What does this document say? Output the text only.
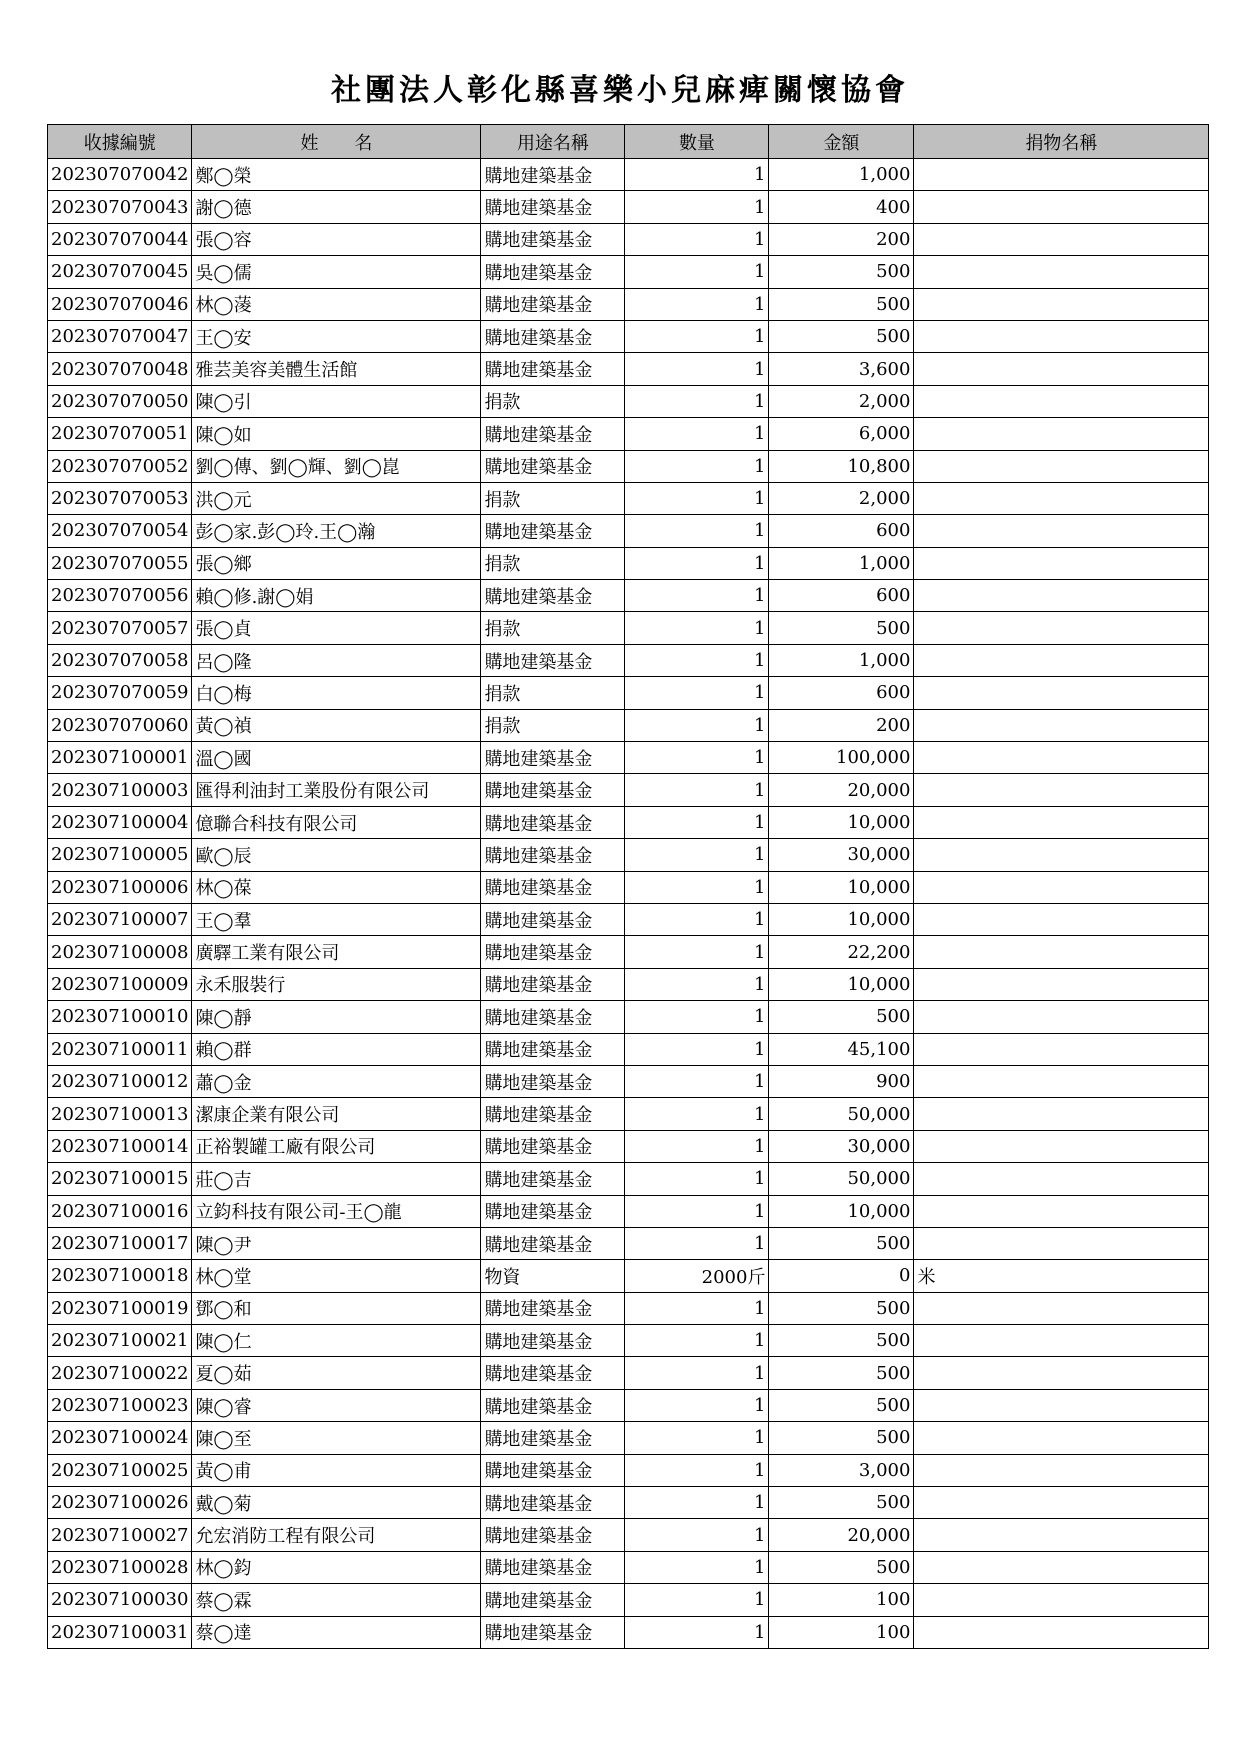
社團法人彰化縣喜樂小兒麻痺關懷協會
收據編號	姓　　名	用途名稱	數量	金額	捐物名稱
202307070042	鄭◯榮	購地建築基金	1	1,000	
202307070043	謝◯德	購地建築基金	1	400	
202307070044	張◯容	購地建築基金	1	200	
202307070045	吳◯儒	購地建築基金	1	500	
202307070046	林◯蓤	購地建築基金	1	500	
202307070047	王◯安	購地建築基金	1	500	
202307070048	雅芸美容美體生活館	購地建築基金	1	3,600	
202307070050	陳◯引	捐款	1	2,000	
202307070051	陳◯如	購地建築基金	1	6,000	
202307070052	劉◯傳、劉◯輝、劉◯崑	購地建築基金	1	10,800	
202307070053	洪◯元	捐款	1	2,000	
202307070054	彭◯家.彭◯玲.王◯瀚	購地建築基金	1	600	
202307070055	張◯鄉	捐款	1	1,000	
202307070056	賴◯修.謝◯娟	購地建築基金	1	600	
202307070057	張◯貞	捐款	1	500	
202307070058	呂◯隆	購地建築基金	1	1,000	
202307070059	白◯梅	捐款	1	600	
202307070060	黃◯禎	捐款	1	200	
202307100001	溫◯國	購地建築基金	1	100,000	
202307100003	匯得利油封工業股份有限公司	購地建築基金	1	20,000	
202307100004	億聯合科技有限公司	購地建築基金	1	10,000	
202307100005	歐◯辰	購地建築基金	1	30,000	
202307100006	林◯葆	購地建築基金	1	10,000	
202307100007	王◯羣	購地建築基金	1	10,000	
202307100008	廣驛工業有限公司	購地建築基金	1	22,200	
202307100009	永禾服裝行	購地建築基金	1	10,000	
202307100010	陳◯靜	購地建築基金	1	500	
202307100011	賴◯群	購地建築基金	1	45,100	
202307100012	蕭◯金	購地建築基金	1	900	
202307100013	潔康企業有限公司	購地建築基金	1	50,000	
202307100014	正裕製罐工廠有限公司	購地建築基金	1	30,000	
202307100015	莊◯吉	購地建築基金	1	50,000	
202307100016	立鈞科技有限公司-王◯龍	購地建築基金	1	10,000	
202307100017	陳◯尹	購地建築基金	1	500	
202307100018	林◯堂	物資	2000斤	0	米
202307100019	鄧◯和	購地建築基金	1	500	
202307100021	陳◯仁	購地建築基金	1	500	
202307100022	夏◯茹	購地建築基金	1	500	
202307100023	陳◯睿	購地建築基金	1	500	
202307100024	陳◯至	購地建築基金	1	500	
202307100025	黃◯甫	購地建築基金	1	3,000	
202307100026	戴◯菊	購地建築基金	1	500	
202307100027	允宏消防工程有限公司	購地建築基金	1	20,000	
202307100028	林◯鈞	購地建築基金	1	500	
202307100030	蔡◯霖	購地建築基金	1	100	
202307100031	蔡◯達	購地建築基金	1	100	
